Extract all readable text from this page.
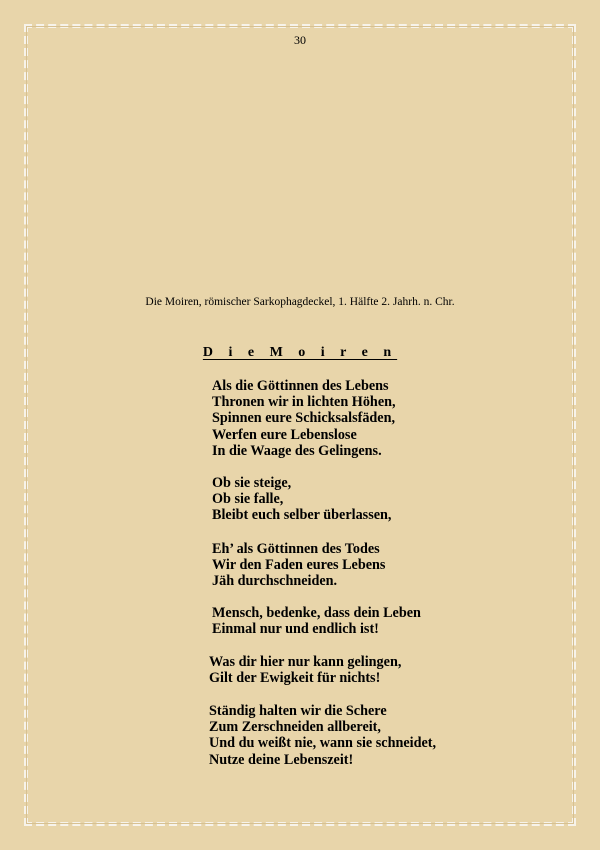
30
Die Moiren, römischer Sarkophagdeckel, 1. Hälfte 2. Jahrh. n. Chr.
D i e M o i r e n
Als die Göttinnen des Lebens
Thronen wir in lichten Höhen,
Spinnen eure Schicksalsfäden,
Werfen eure Lebenslose
In die Waage des Gelingens.
Ob sie steige,
Ob sie falle,
Bleibt euch selber überlassen,
Eh’ als Göttinnen des Todes
Wir den Faden eures Lebens
Jäh durchschneiden.
Mensch, bedenke, dass dein Leben
Einmal nur und endlich ist!
Was dir hier nur kann gelingen,
Gilt der Ewigkeit für nichts!
Ständig halten wir die Schere
Zum Zerschneiden allbereit,
Und du weißt nie, wann sie schneidet,
Nutze deine Lebenszeit!
